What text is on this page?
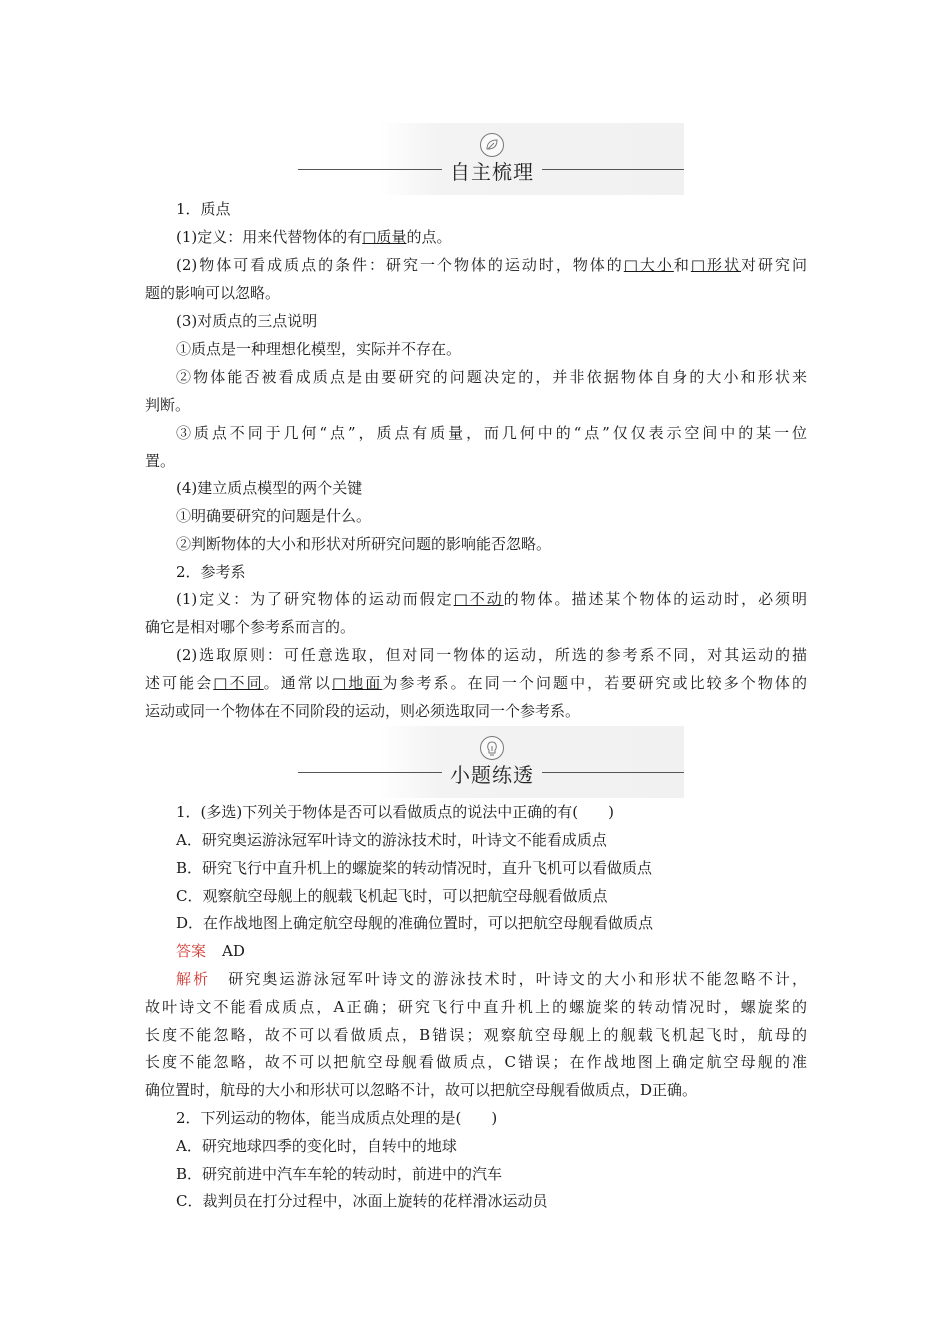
自主梳理
1．质点
(1)定义：用来代替物体的有□质量的点。
(2)物体可看成质点的条件：研究一个物体的运动时，物体的□大小和□形状对研究问
题的影响可以忽略。
(3)对质点的三点说明
①质点是一种理想化模型，实际并不存在。
②物体能否被看成质点是由要研究的问题决定的，并非依据物体自身的大小和形状来
判断。
③质点不同于几何“点”，质点有质量，而几何中的“点”仅仅表示空间中的某一位
置。
(4)建立质点模型的两个关键
①明确要研究的问题是什么。
②判断物体的大小和形状对所研究问题的影响能否忽略。
2．参考系
(1)定义：为了研究物体的运动而假定□不动的物体。描述某个物体的运动时，必须明
确它是相对哪个参考系而言的。
(2)选取原则：可任意选取，但对同一物体的运动，所选的参考系不同，对其运动的描
述可能会□不同。通常以□地面为参考系。在同一个问题中，若要研究或比较多个物体的
运动或同一个物体在不同阶段的运动，则必须选取同一个参考系。
小题练透
1．(多选)下列关于物体是否可以看做质点的说法中正确的有(　　)
A．研究奥运游泳冠军叶诗文的游泳技术时，叶诗文不能看成质点
B．研究飞行中直升机上的螺旋桨的转动情况时，直升飞机可以看做质点
C．观察航空母舰上的舰载飞机起飞时，可以把航空母舰看做质点
D．在作战地图上确定航空母舰的准确位置时，可以把航空母舰看做质点
答案 AD
解析 研究奥运游泳冠军叶诗文的游泳技术时，叶诗文的大小和形状不能忽略不计，
故叶诗文不能看成质点，A正确；研究飞行中直升机上的螺旋桨的转动情况时，螺旋桨的
长度不能忽略，故不可以看做质点，B错误；观察航空母舰上的舰载飞机起飞时，航母的
长度不能忽略，故不可以把航空母舰看做质点，C错误；在作战地图上确定航空母舰的准
确位置时，航母的大小和形状可以忽略不计，故可以把航空母舰看做质点，D正确。
2．下列运动的物体，能当成质点处理的是(　　)
A．研究地球四季的变化时，自转中的地球
B．研究前进中汽车车轮的转动时，前进中的汽车
C．裁判员在打分过程中，冰面上旋转的花样滑冰运动员
